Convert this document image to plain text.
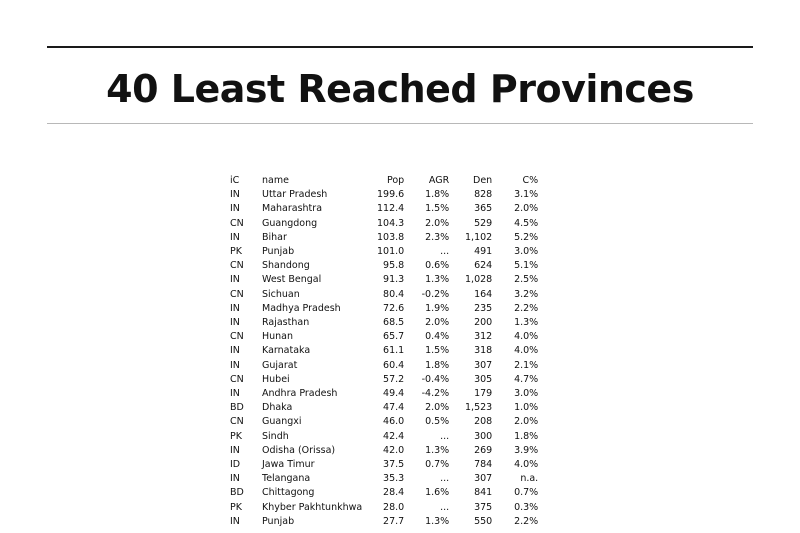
40 Least Reached Provinces
iC	name	Pop	AGR	Den	C%
IN	Uttar Pradesh	199.6	1.8%	828	3.1%
IN	Maharashtra	112.4	1.5%	365	2.0%
CN	Guangdong	104.3	2.0%	529	4.5%
IN	Bihar	103.8	2.3%	1,102	5.2%
PK	Punjab	101.0	...	491	3.0%
CN	Shandong	95.8	0.6%	624	5.1%
IN	West Bengal	91.3	1.3%	1,028	2.5%
CN	Sichuan	80.4	-0.2%	164	3.2%
IN	Madhya Pradesh	72.6	1.9%	235	2.2%
IN	Rajasthan	68.5	2.0%	200	1.3%
CN	Hunan	65.7	0.4%	312	4.0%
IN	Karnataka	61.1	1.5%	318	4.0%
IN	Gujarat	60.4	1.8%	307	2.1%
CN	Hubei	57.2	-0.4%	305	4.7%
IN	Andhra Pradesh	49.4	-4.2%	179	3.0%
BD	Dhaka	47.4	2.0%	1,523	1.0%
CN	Guangxi	46.0	0.5%	208	2.0%
PK	Sindh	42.4	...	300	1.8%
IN	Odisha (Orissa)	42.0	1.3%	269	3.9%
ID	Jawa Timur	37.5	0.7%	784	4.0%
IN	Telangana	35.3	...	307	n.a.
BD	Chittagong	28.4	1.6%	841	0.7%
PK	Khyber Pakhtunkhwa	28.0	...	375	0.3%
IN	Punjab	27.7	1.3%	550	2.2%
